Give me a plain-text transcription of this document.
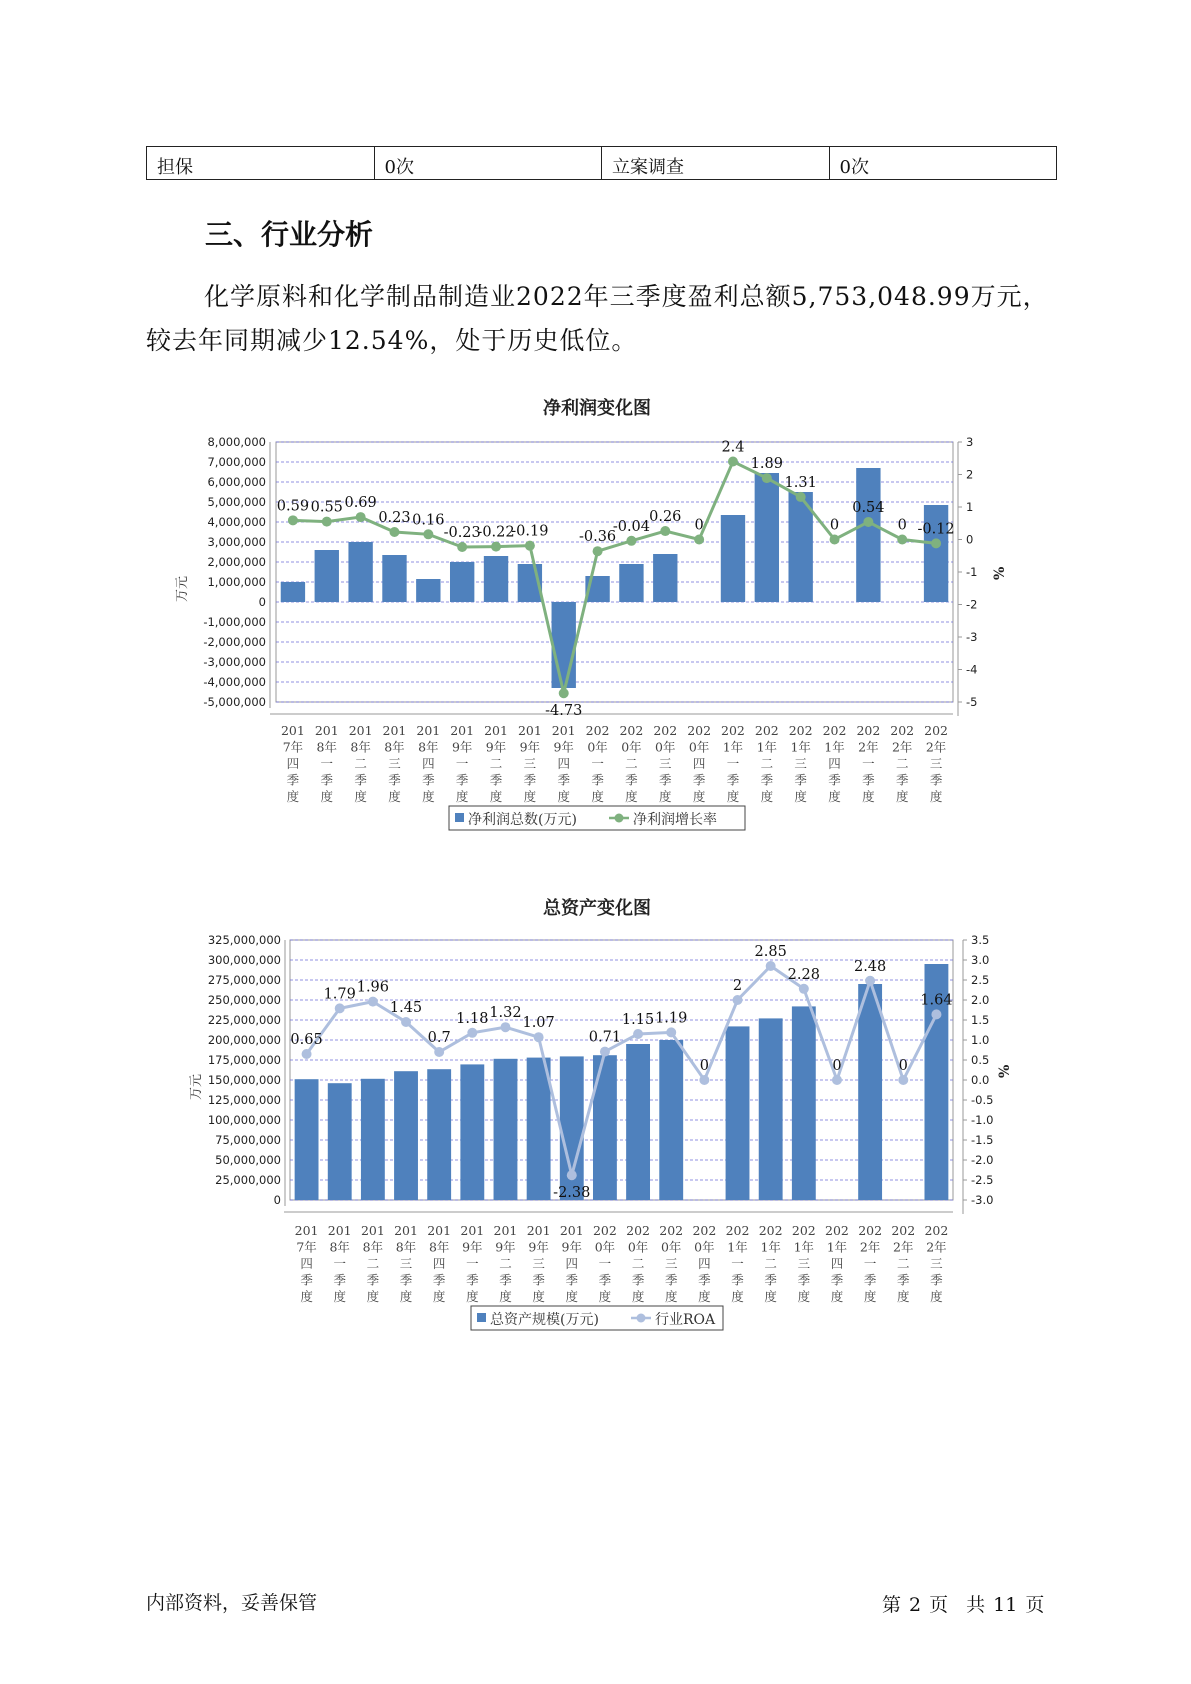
担保	0次	立案调查	0次
三、行业分析
化学原料和化学制品制造业2022年三季度盈利总额5,753,048.99万元，较去年同期减少12.54%，处于历史低位。
净利润变化图
8,000,000
7,000,000
6,000,000
5,000,000
4,000,000
3,000,000
2,000,000
1,000,000
0
-1,000,000
-2,000,000
-3,000,000
-4,000,000
-5,000,000
3
2
1
0
-1
-2
-3
-4
-5
万元
%
0.59 0.55 0.69
0.23 0.16
-0.23
-0.22
-0.19
-4.73
-0.36
-0.04
0.26
0
2.4
1.89
1.31
0
0.54
0 -0.12
201
7年
四
季
度
201
8年
一
季
度
201
8年
二
季
度
201
8年
三
季
度
201
8年
四
季
度
201
9年
一
季
度
201
9年
二
季
度
201
9年
三
季
度
201
9年
四
季
度
202
0年
一
季
度
202
0年
二
季
度
202
0年
三
季
度
202
0年
四
季
度
202
1年
一
季
度
202
1年
二
季
度
202
1年
三
季
度
202
1年
四
季
度
202
2年
一
季
度
202
2年
二
季
度
202
2年
三
季
度
净利润总数(万元)	净利润增长率
总资产变化图
325,000,000
300,000,000
275,000,000
250,000,000
225,000,000
200,000,000
175,000,000
150,000,000
125,000,000
100,000,000
75,000,000
50,000,000
25,000,000
0
3.5
3.0
2.5
2.0
1.5
1.0
0.5
0.0
-0.5
-1.0
-1.5
-2.0
-2.5
-3.0
万元
%
0.65
1.79 1.96
1.45
0.7
1.18 1.32
1.07
-2.38
0.71
1.15 1.19
0
2
2.85
2.28
0
2.48
0
1.64
201
7年
四
季
度
201
8年
一
季
度
201
8年
二
季
度
201
8年
三
季
度
201
8年
四
季
度
201
9年
一
季
度
201
9年
二
季
度
201
9年
三
季
度
201
9年
四
季
度
202
0年
一
季
度
202
0年
二
季
度
202
0年
三
季
度
202
0年
四
季
度
202
1年
一
季
度
202
1年
二
季
度
202
1年
三
季
度
202
1年
四
季
度
202
2年
一
季
度
202
2年
二
季
度
202
2年
三
季
度
总资产规模(万元)	行业ROA
内部资料，妥善保管	第 2 页 共 11 页
